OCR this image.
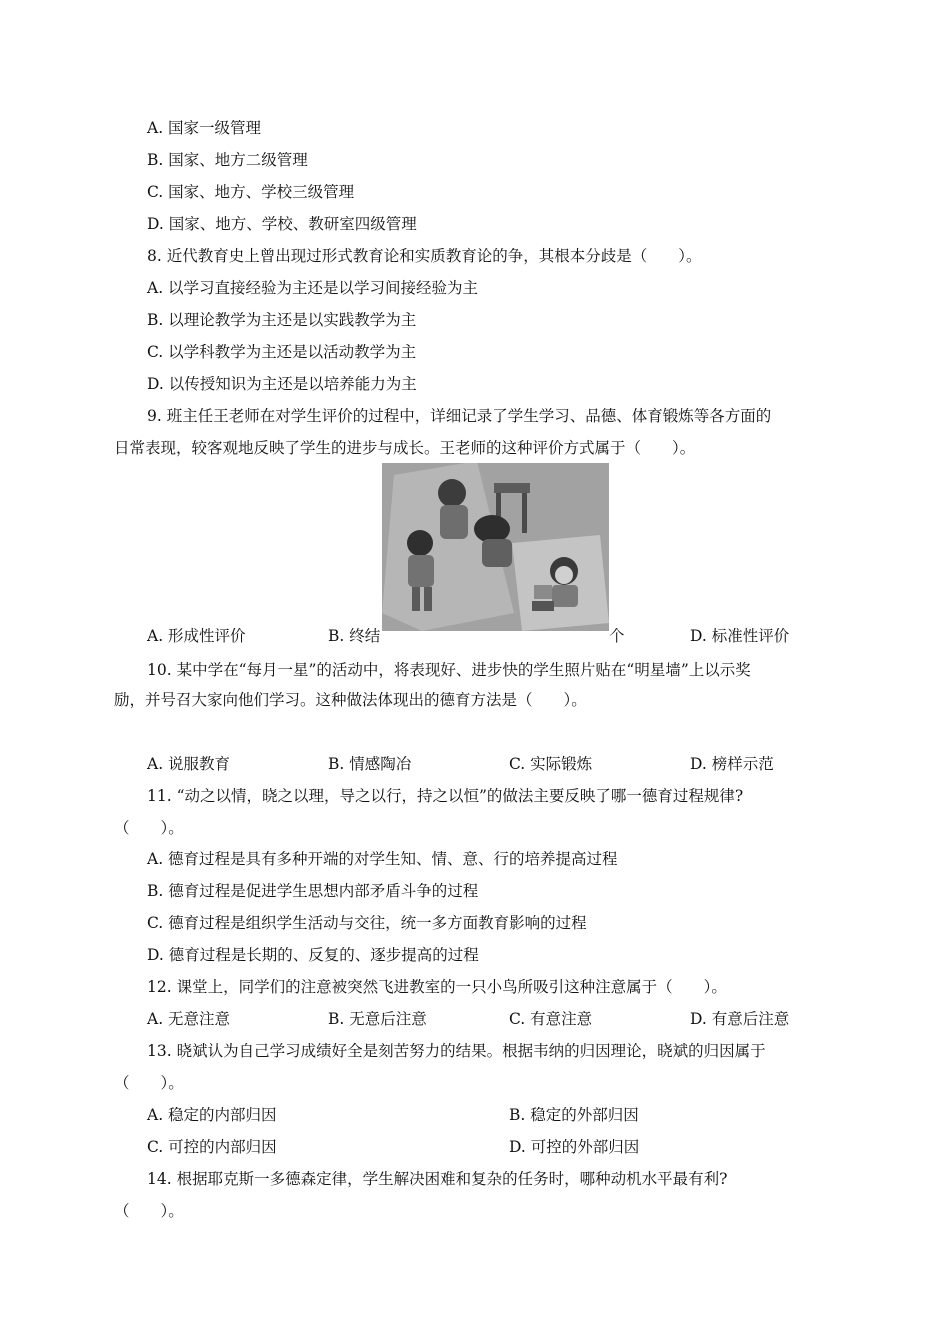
A. 国家一级管理
B. 国家、地方二级管理
C. 国家、地方、学校三级管理
D. 国家、地方、学校、教研室四级管理
8. 近代教育史上曾出现过形式教育论和实质教育论的争，其根本分歧是（　　）。
A. 以学习直接经验为主还是以学习间接经验为主
B. 以理论教学为主还是以实践教学为主
C. 以学科教学为主还是以活动教学为主
D. 以传授知识为主还是以培养能力为主
9. 班主任王老师在对学生评价的过程中，详细记录了学生学习、品德、体育锻炼等各方面的
日常表现，较客观地反映了学生的进步与成长。王老师的这种评价方式属于（　　）。
A. 形成性评价	B. 终结	个	D. 标准性评价
10. 某中学在“每月一星”的活动中，将表现好、进步快的学生照片贴在“明星墙”上以示奖
励，并号召大家向他们学习。这种做法体现出的德育方法是（　　）。
A. 说服教育	B. 情感陶冶	C. 实际锻炼	D. 榜样示范
11. “动之以情，晓之以理，导之以行，持之以恒”的做法主要反映了哪一德育过程规律?
（　　）。
A. 德育过程是具有多种开端的对学生知、情、意、行的培养提高过程
B. 德育过程是促进学生思想内部矛盾斗争的过程
C. 德育过程是组织学生活动与交往，统一多方面教育影响的过程
D. 德育过程是长期的、反复的、逐步提高的过程
12. 课堂上，同学们的注意被突然飞进教室的一只小鸟所吸引这种注意属于（　　）。
A. 无意注意	B. 无意后注意	C. 有意注意	D. 有意后注意
13. 晓斌认为自己学习成绩好全是刻苦努力的结果。根据韦纳的归因理论，晓斌的归因属于
（　　）。
A. 稳定的内部归因	B. 稳定的外部归因
C. 可控的内部归因	D. 可控的外部归因
14. 根据耶克斯一多德森定律，学生解决困难和复杂的任务时，哪种动机水平最有利?
（　　）。
